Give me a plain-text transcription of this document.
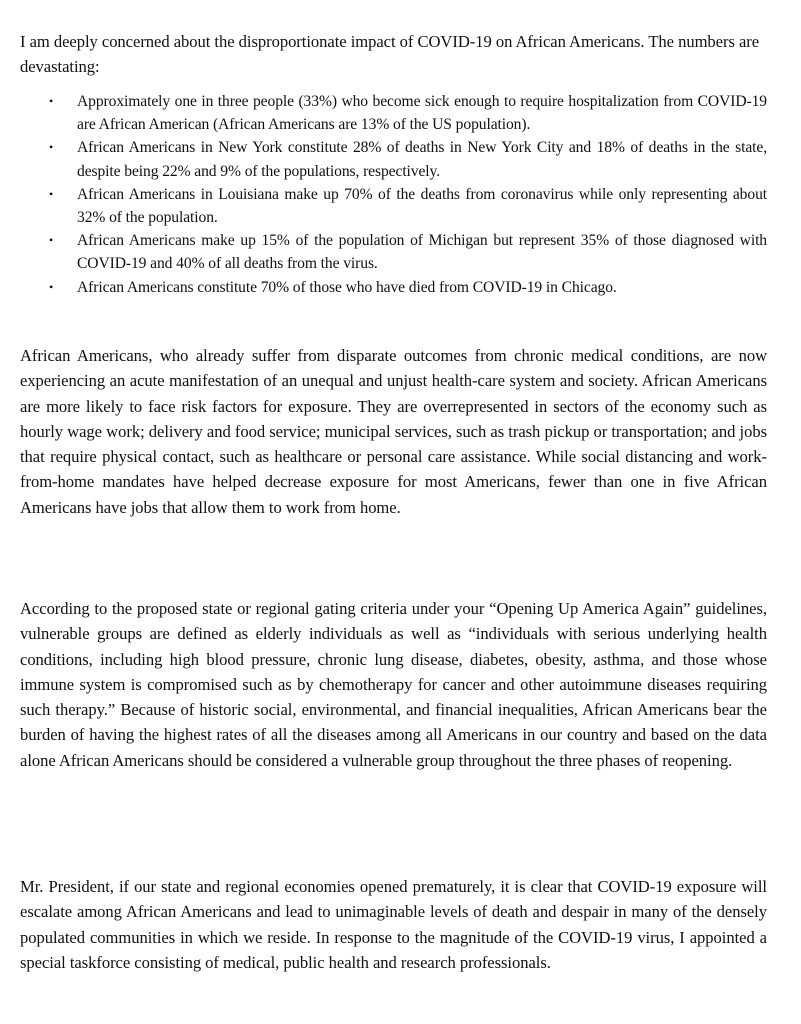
I am deeply concerned about the disproportionate impact of COVID-19 on African Americans. The numbers are devastating:

• Approximately one in three people (33%) who become sick enough to require hospitalization from COVID-19 are African American (African Americans are 13% of the US population).
• African Americans in New York constitute 28% of deaths in New York City and 18% of deaths in the state, despite being 22% and 9% of the populations, respectively.
• African Americans in Louisiana make up 70% of the deaths from coronavirus while only representing about 32% of the population.
• African Americans make up 15% of the population of Michigan but represent 35% of those diagnosed with COVID-19 and 40% of all deaths from the virus.
• African Americans constitute 70% of those who have died from COVID-19 in Chicago.

African Americans, who already suffer from disparate outcomes from chronic medical conditions, are now experiencing an acute manifestation of an unequal and unjust health-care system and society. African Americans are more likely to face risk factors for exposure. They are overrepresented in sectors of the economy such as hourly wage work; delivery and food service; municipal services, such as trash pickup or transportation; and jobs that require physical contact, such as healthcare or personal care assistance. While social distancing and work-from-home mandates have helped decrease exposure for most Americans, fewer than one in five African Americans have jobs that allow them to work from home.

According to the proposed state or regional gating criteria under your “Opening Up America Again” guidelines, vulnerable groups are defined as elderly individuals as well as “individuals with serious underlying health conditions, including high blood pressure, chronic lung disease, diabetes, obesity, asthma, and those whose immune system is compromised such as by chemotherapy for cancer and other autoimmune diseases requiring such therapy.” Because of historic social, environmental, and financial inequalities, African Americans bear the burden of having the highest rates of all the diseases among all Americans in our country and based on the data alone African Americans should be considered a vulnerable group throughout the three phases of reopening.

Mr. President, if our state and regional economies opened prematurely, it is clear that COVID-19 exposure will escalate among African Americans and lead to unimaginable levels of death and despair in many of the densely populated communities in which we reside. In response to the magnitude of the COVID-19 virus, I appointed a special taskforce consisting of medical, public health and research professionals.
